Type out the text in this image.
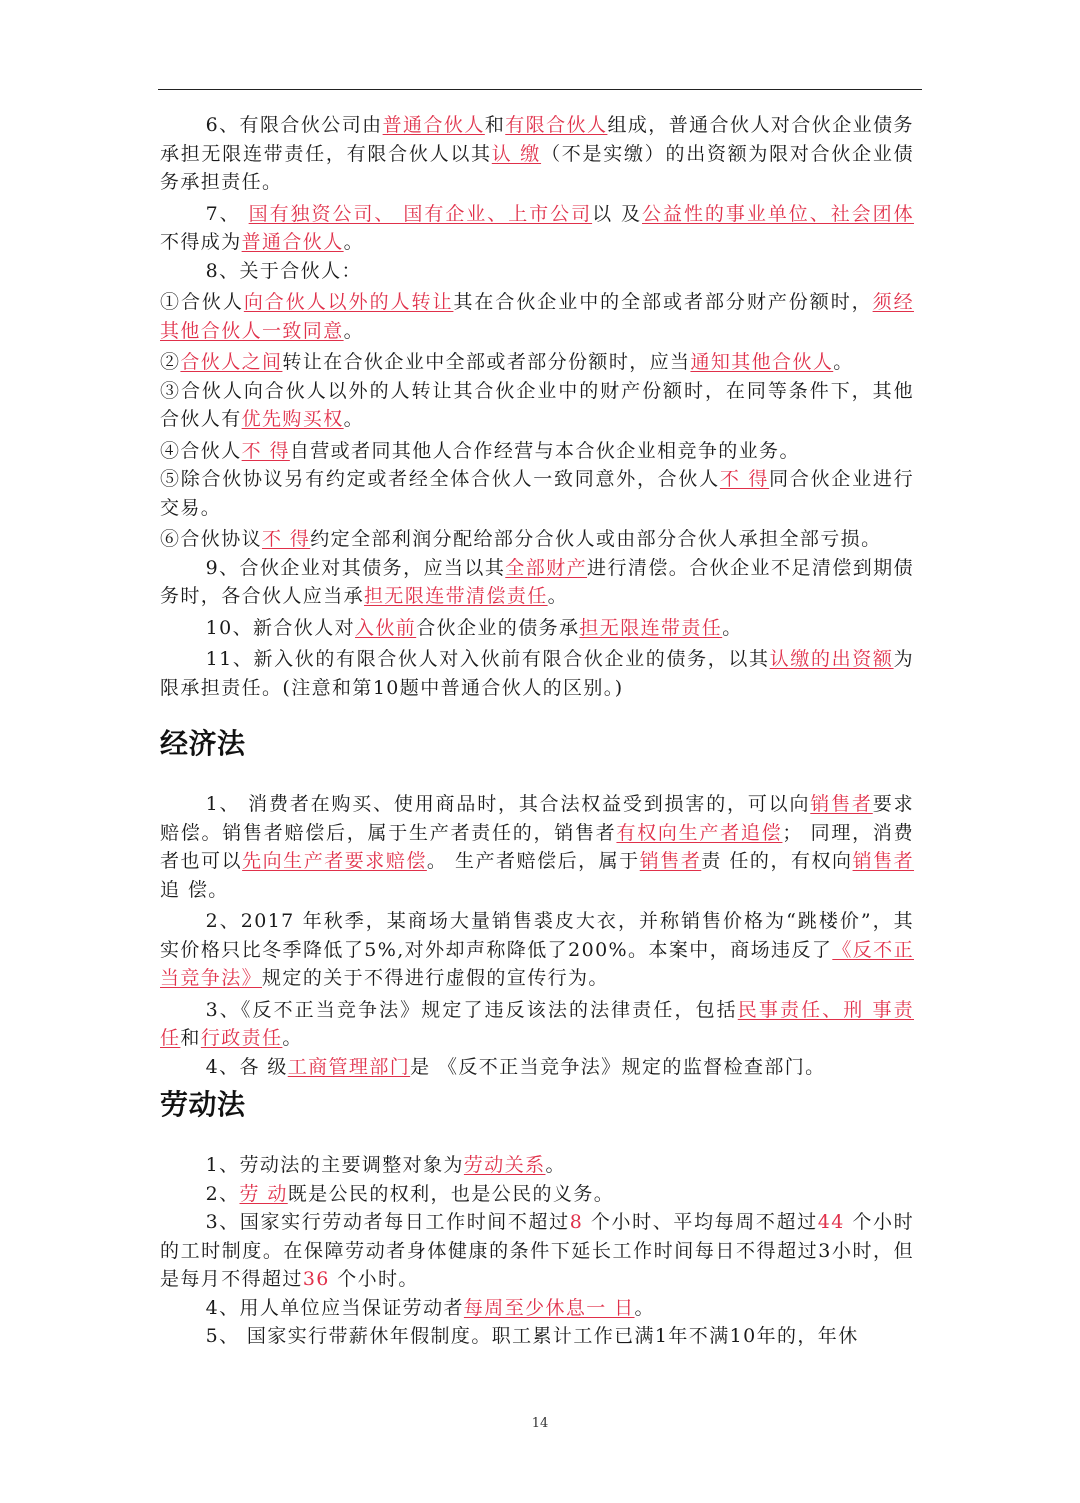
6、有限合伙公司由普通合伙人和有限合伙人组成，普通合伙人对合伙企业债务承担无限连带责任，有限合伙人以其认 缴（不是实缴）的出资额为限对合伙企业债务承担责任。

7、 国有独资公司、 国有企业、上市公司以 及公益性的事业单位、社会团体不得成为普通合伙人。

8、关于合伙人：

①合伙人向合伙人以外的人转让其在合伙企业中的全部或者部分财产份额时，须经其他合伙人一致同意。

②合伙人之间转让在合伙企业中全部或者部分份额时，应当通知其他合伙人。

③合伙人向合伙人以外的人转让其合伙企业中的财产份额时，在同等条件下，其他合伙人有优先购买权。

④合伙人不 得自营或者同其他人合作经营与本合伙企业相竞争的业务。

⑤除合伙协议另有约定或者经全体合伙人一致同意外，合伙人不 得同合伙企业进行交易。

⑥合伙协议不 得约定全部利润分配给部分合伙人或由部分合伙人承担全部亏损。

9、合伙企业对其债务，应当以其全部财产进行清偿。合伙企业不足清偿到期债务时，各合伙人应当承担无限连带清偿责任。

10、新合伙人对入伙前合伙企业的债务承担无限连带责任。

11、新入伙的有限合伙人对入伙前有限合伙企业的债务，以其认缴的出资额为限承担责任。(注意和第10题中普通合伙人的区别。)

经济法

1、 消费者在购买、使用商品时，其合法权益受到损害的，可以向销售者要求赔偿。销售者赔偿后，属于生产者责任的，销售者有权向生产者追偿； 同理，消费者也可以先向生产者要求赔偿。 生产者赔偿后，属于销售者责 任的，有权向销售者追 偿。

2、2017 年秋季，某商场大量销售裘皮大衣，并称销售价格为“跳楼价”，其实价格只比冬季降低了5%,对外却声称降低了200%。本案中，商场违反了《反不正当竞争法》规定的关于不得进行虚假的宣传行为。

3、《反不正当竞争法》规定了违反该法的法律责任，包括民事责任、刑 事责 任和行政责任。

4、各 级工商管理部门是 《反不正当竞争法》规定的监督检查部门。

劳动法

1、劳动法的主要调整对象为劳动关系。

2、劳 动既是公民的权利，也是公民的义务。

3、国家实行劳动者每日工作时间不超过8 个小时、平均每周不超过44 个小时的工时制度。在保障劳动者身体健康的条件下延长工作时间每日不得超过3小时，但是每月不得超过36 个小时。

4、用人单位应当保证劳动者每周至少休息一 日。

5、 国家实行带薪休年假制度。职工累计工作已满1年不满10年的，年休

14
